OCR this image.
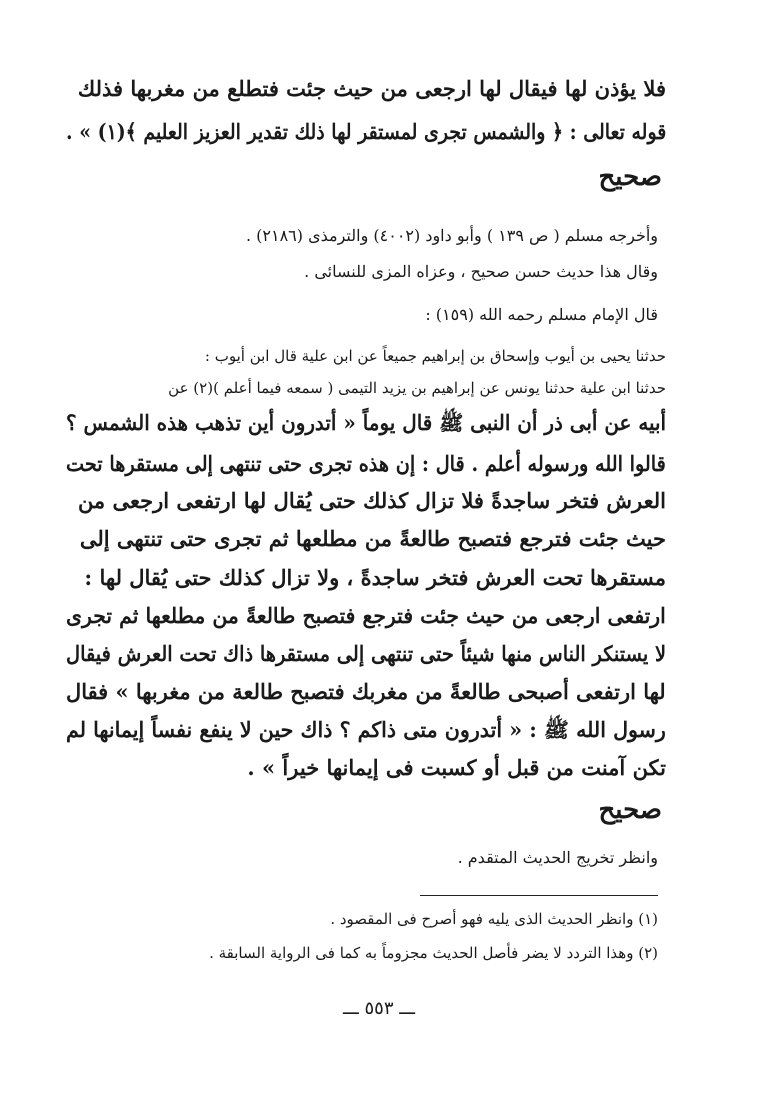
فلا يؤذن لها فيقال لها ارجعى من حيث جئت فتطلع من مغربها فذلك
قوله تعالى : ﴿ والشمس تجرى لمستقر لها ذلك تقدير العزيز العليم ﴾(١) » .
صحيح
وأخرجه مسلم ( ص ١٣٩ ) وأبو داود (٤٠٠٢) والترمذى (٢١٨٦) .
وقال هذا حديث حسن صحيح ، وعزاه المزى للنسائى .
قال الإمام مسلم رحمه الله (١٥٩) :
حدثنا يحيى بن أيوب وإسحاق بن إبراهيم جميعاً عن ابن علية قال ابن أيوب :
حدثنا ابن علية حدثنا يونس عن إبراهيم بن يزيد التيمى ( سمعه فيما أعلم )(٢) عن
أبيه عن أبى ذر أن النبى ﷺ قال يوماً « أتدرون أين تذهب هذه الشمس ؟
قالوا الله ورسوله أعلم . قال : إن هذه تجرى حتى تنتهى إلى مستقرها تحت
العرش فتخر ساجدةً فلا تزال كذلك حتى يُقال لها ارتفعى ارجعى من
حيث جئت فترجع فتصبح طالعةً من مطلعها ثم تجرى حتى تنتهى إلى
مستقرها تحت العرش فتخر ساجدةً ، ولا تزال كذلك حتى يُقال لها :
ارتفعى ارجعى من حيث جئت فترجع فتصبح طالعةً من مطلعها ثم تجرى
لا يستنكر الناس منها شيئاً حتى تنتهى إلى مستقرها ذاك تحت العرش فيقال
لها ارتفعى أصبحى طالعةً من مغربك فتصبح طالعة من مغربها » فقال
رسول الله ﷺ : « أتدرون متى ذاكم ؟ ذاك حين لا ينفع نفساً إيمانها لم
تكن آمنت من قبل أو كسبت فى إيمانها خيراً » .
صحيح
وانظر تخريج الحديث المتقدم .
(١) وانظر الحديث الذى يليه فهو أصرح فى المقصود .
(٢) وهذا التردد لا يضر فأصل الحديث مجزوماً به كما فى الرواية السابقة .
ـــ ٥٥٣ ـــ
